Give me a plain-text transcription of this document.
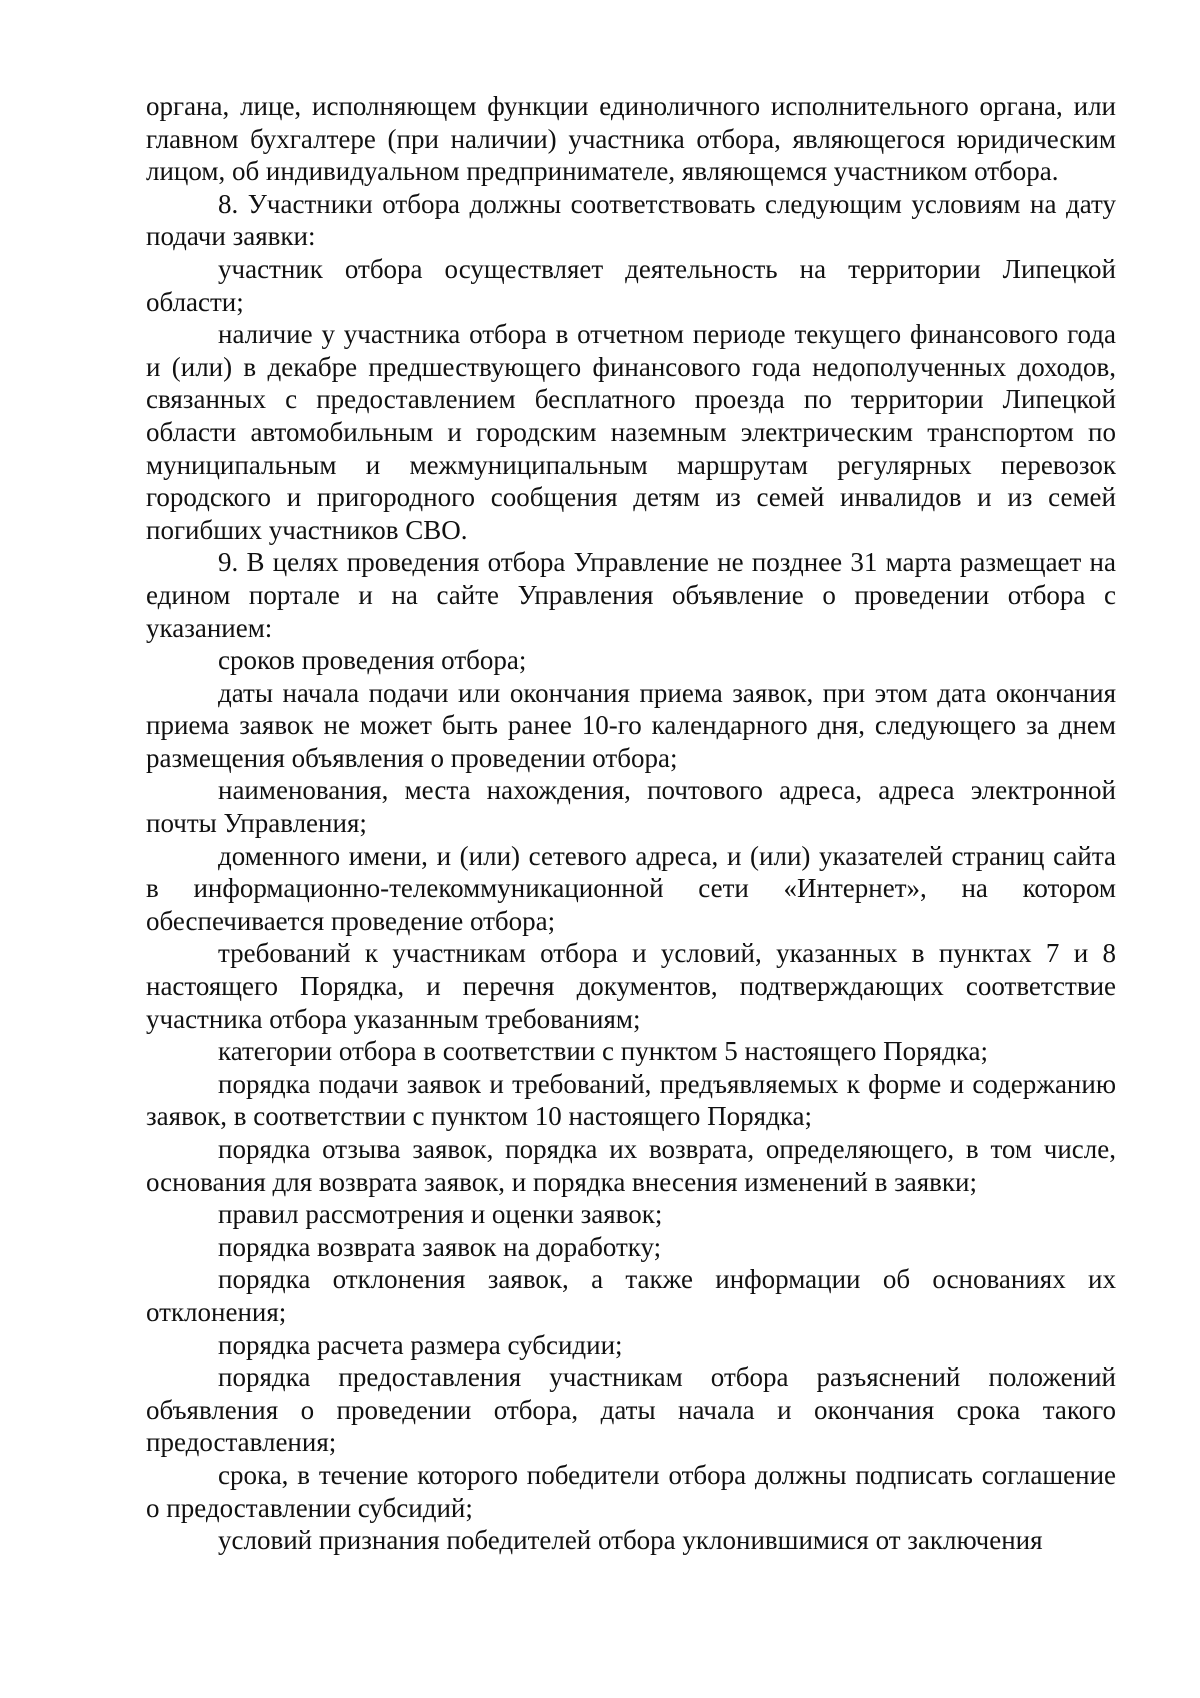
органа, лице, исполняющем функции единоличного исполнительного органа, или главном бухгалтере (при наличии) участника отбора, являющегося юридическим лицом, об индивидуальном предпринимателе, являющемся участником отбора.

8. Участники отбора должны соответствовать следующим условиям на дату подачи заявки:

участник отбора осуществляет деятельность на территории Липецкой области;

наличие у участника отбора в отчетном периоде текущего финансового года и (или) в декабре предшествующего финансового года недополученных доходов, связанных с предоставлением бесплатного проезда по территории Липецкой области автомобильным и городским наземным электрическим транспортом по муниципальным и межмуниципальным маршрутам регулярных перевозок городского и пригородного сообщения детям из семей инвалидов и из семей погибших участников СВО.

9. В целях проведения отбора Управление не позднее 31 марта размещает на едином портале и на сайте Управления объявление о проведении отбора с указанием:

сроков проведения отбора;

даты начала подачи или окончания приема заявок, при этом дата окончания приема заявок не может быть ранее 10-го календарного дня, следующего за днем размещения объявления о проведении отбора;

наименования, места нахождения, почтового адреса, адреса электронной почты Управления;

доменного имени, и (или) сетевого адреса, и (или) указателей страниц сайта в информационно-телекоммуникационной сети «Интернет», на котором обеспечивается проведение отбора;

требований к участникам отбора и условий, указанных в пунктах 7 и 8 настоящего Порядка, и перечня документов, подтверждающих соответствие участника отбора указанным требованиям;

категории отбора в соответствии с пунктом 5 настоящего Порядка;

порядка подачи заявок и требований, предъявляемых к форме и содержанию заявок, в соответствии с пунктом 10 настоящего Порядка;

порядка отзыва заявок, порядка их возврата, определяющего, в том числе, основания для возврата заявок, и порядка внесения изменений в заявки;

правил рассмотрения и оценки заявок;

порядка возврата заявок на доработку;

порядка отклонения заявок, а также информации об основаниях их отклонения;

порядка расчета размера субсидии;

порядка предоставления участникам отбора разъяснений положений объявления о проведении отбора, даты начала и окончания срока такого предоставления;

срока, в течение которого победители отбора должны подписать соглашение о предоставлении субсидий;

условий признания победителей отбора уклонившимися от заключения
